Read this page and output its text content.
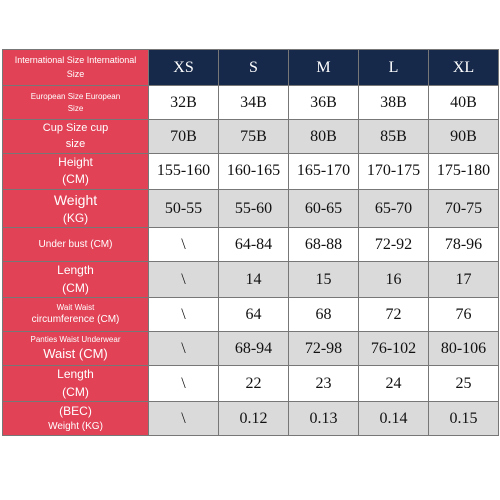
International Size International
Size	XS	S	M	L	XL

European Size European
Size	32B	34B	36B	38B	40B

Cup Size cup
size	70B	75B	80B	85B	90B

Height
(CM)	155-160	160-165	165-170	170-175	175-180

Weight
(KG)	50-55	55-60	60-65	65-70	70-75

Under bust (CM)	\	64-84	68-88	72-92	78-96

Length
(CM)	\	14	15	16	17

Wait Waist
circumference (CM)	\	64	68	72	76

Panties Waist Underwear
Waist (CM)	\	68-94	72-98	76-102	80-106

Length
(CM)	\	22	23	24	25

(BEC)
Weight (KG)	\	0.12	0.13	0.14	0.15
